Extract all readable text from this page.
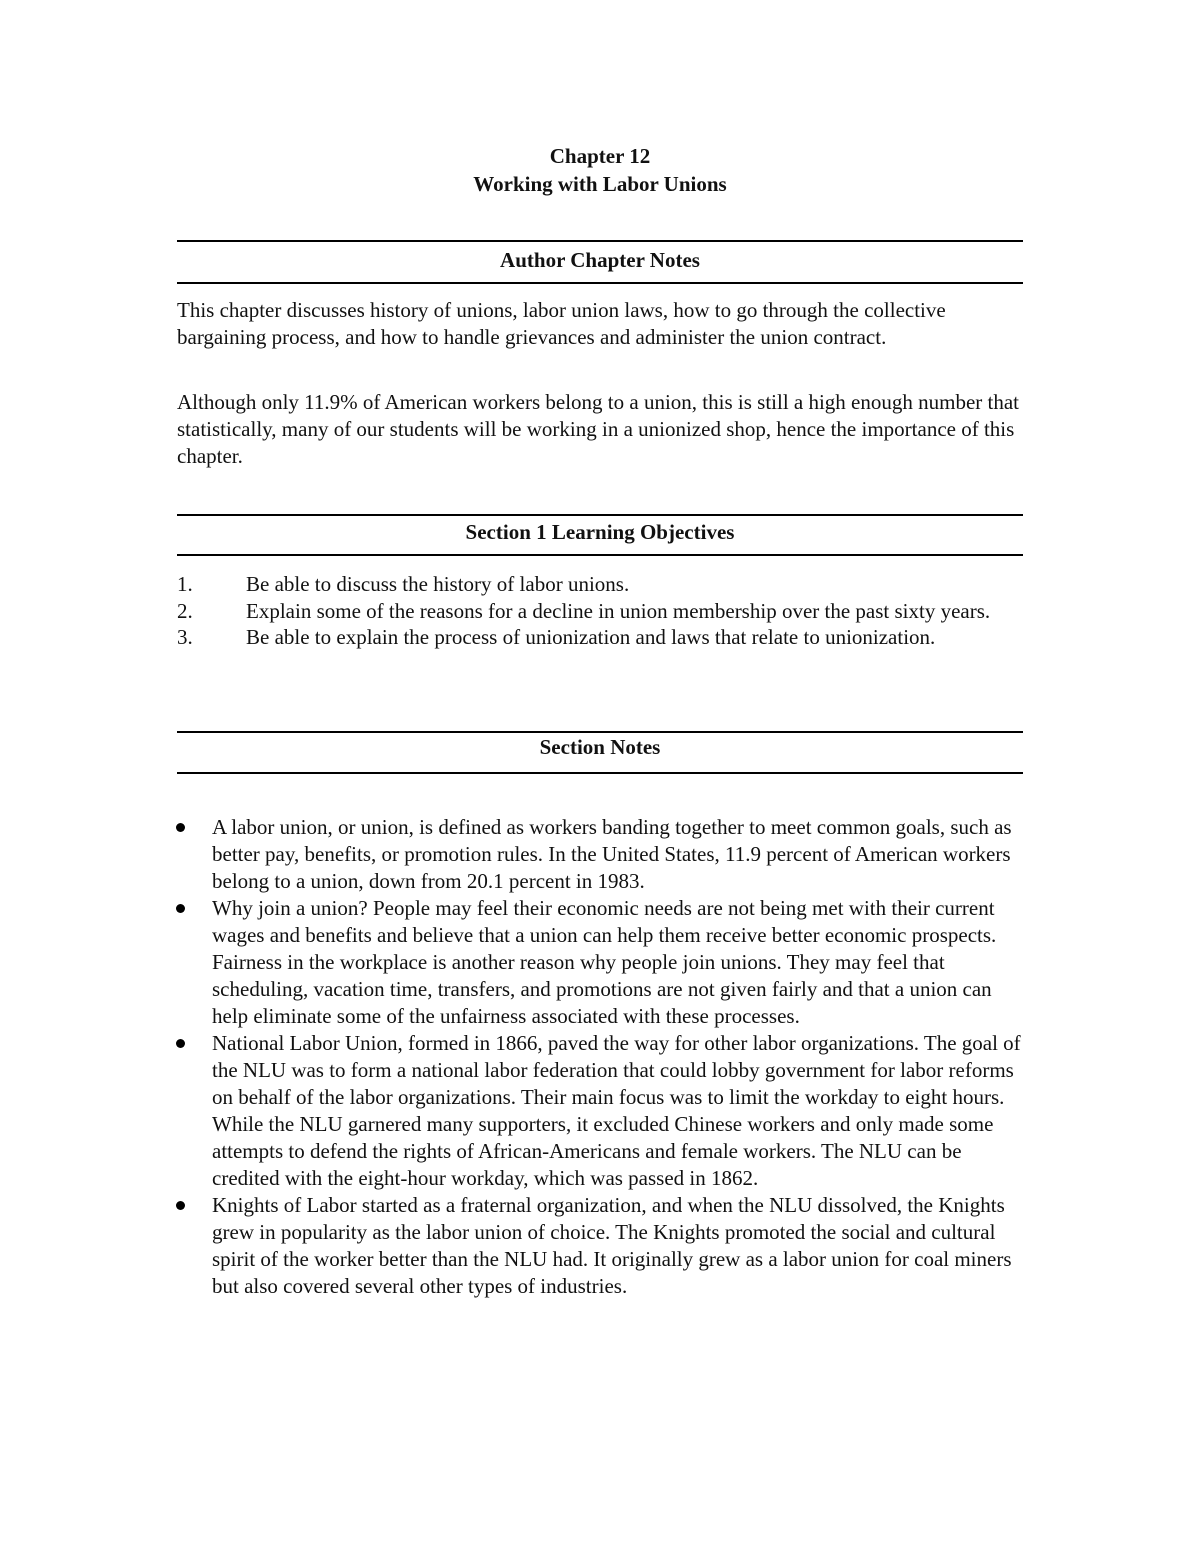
Chapter 12
Working with Labor Unions
Author Chapter Notes

This chapter discusses history of unions, labor union laws, how to go through the collective bargaining process, and how to handle grievances and administer the union contract.

Although only 11.9% of American workers belong to a union, this is still a high enough number that statistically, many of our students will be working in a unionized shop, hence the importance of this chapter.

Section 1 Learning Objectives
1.	Be able to discuss the history of labor unions.
2.	Explain some of the reasons for a decline in union membership over the past sixty years.
3.	Be able to explain the process of unionization and laws that relate to unionization.
Section Notes
A labor union, or union, is defined as workers banding together to meet common goals, such as better pay, benefits, or promotion rules. In the United States, 11.9 percent of American workers belong to a union, down from 20.1 percent in 1983.
Why join a union? People may feel their economic needs are not being met with their current wages and benefits and believe that a union can help them receive better economic prospects. Fairness in the workplace is another reason why people join unions. They may feel that scheduling, vacation time, transfers, and promotions are not given fairly and that a union can help eliminate some of the unfairness associated with these processes.
National Labor Union, formed in 1866, paved the way for other labor organizations. The goal of the NLU was to form a national labor federation that could lobby government for labor reforms on behalf of the labor organizations. Their main focus was to limit the workday to eight hours. While the NLU garnered many supporters, it excluded Chinese workers and only made some attempts to defend the rights of African-Americans and female workers. The NLU can be credited with the eight-hour workday, which was passed in 1862.
Knights of Labor started as a fraternal organization, and when the NLU dissolved, the Knights grew in popularity as the labor union of choice. The Knights promoted the social and cultural spirit of the worker better than the NLU had. It originally grew as a labor union for coal miners but also covered several other types of industries.
